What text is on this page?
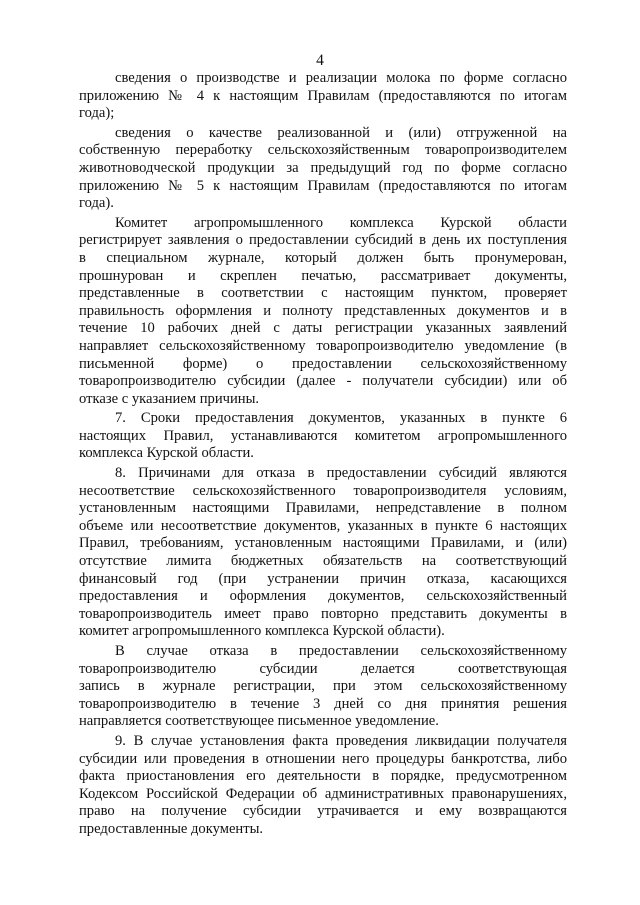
4
сведения о производстве и реализации молока по форме согласно
приложению № 4 к настоящим Правилам (предоставляются по итогам
года);
сведения о качестве реализованной и (или) отгруженной на
собственную переработку сельскохозяйственным товаропроизводителем
животноводческой продукции за предыдущий год по форме согласно
приложению № 5 к настоящим Правилам (предоставляются по итогам
года).
Комитет агропромышленного комплекса Курской области
регистрирует заявления о предоставлении субсидий в день их поступления
в специальном журнале, который должен быть пронумерован,
прошнурован и скреплен печатью, рассматривает документы,
представленные в соответствии с настоящим пунктом, проверяет
правильность оформления и полноту представленных документов и в
течение 10 рабочих дней с даты регистрации указанных заявлений
направляет сельскохозяйственному товаропроизводителю уведомление (в
письменной форме) о предоставлении сельскохозяйственному
товаропроизводителю субсидии (далее - получатели субсидии) или об
отказе с указанием причины.
7. Сроки предоставления документов, указанных в пункте 6
настоящих Правил, устанавливаются комитетом агропромышленного
комплекса Курской области.
8. Причинами для отказа в предоставлении субсидий являются
несоответствие сельскохозяйственного товаропроизводителя условиям,
установленным настоящими Правилами, непредставление в полном
объеме или несоответствие документов, указанных в пункте 6 настоящих
Правил, требованиям, установленным настоящими Правилами, и (или)
отсутствие лимита бюджетных обязательств на соответствующий
финансовый год (при устранении причин отказа, касающихся
предоставления и оформления документов, сельскохозяйственный
товаропроизводитель имеет право повторно представить документы в
комитет агропромышленного комплекса Курской области).
В случае отказа в предоставлении сельскохозяйственному
товаропроизводителю субсидии делается соответствующая
запись в журнале регистрации, при этом сельскохозяйственному
товаропроизводителю в течение 3 дней со дня принятия решения
направляется соответствующее письменное уведомление.
9. В случае установления факта проведения ликвидации получателя
субсидии или проведения в отношении него процедуры банкротства, либо
факта приостановления его деятельности в порядке, предусмотренном
Кодексом Российской Федерации об административных правонарушениях,
право на получение субсидии утрачивается и ему возвращаются
предоставленные документы.
